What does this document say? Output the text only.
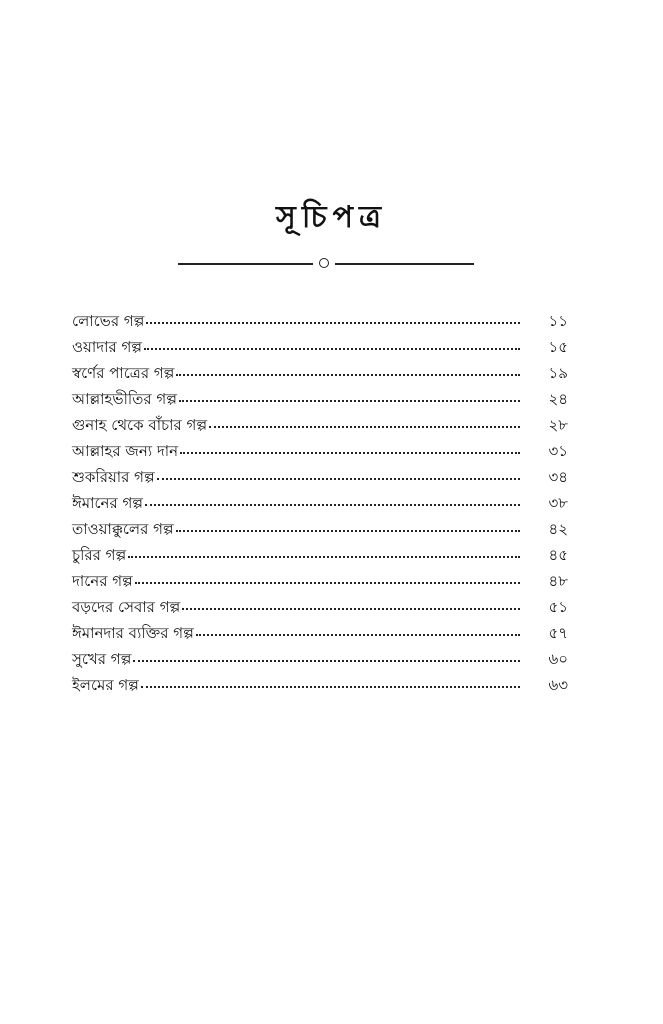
সূচিপত্র
লোভের গল্প	১১
ওয়াদার গল্প	১৫
স্বর্ণের পাত্রের গল্প	১৯
আল্লাহভীতির গল্প	২৪
গুনাহ থেকে বাঁচার গল্প	২৮
আল্লাহর জন্য দান	৩১
শুকরিয়ার গল্প	৩৪
ঈমানের গল্প	৩৮
তাওয়াক্কুলের গল্প	৪২
চুরির গল্প	৪৫
দানের গল্প	৪৮
বড়দের সেবার গল্প	৫১
ঈমানদার ব্যক্তির গল্প	৫৭
সুখের গল্প	৬০
ইলমের গল্প	৬৩
